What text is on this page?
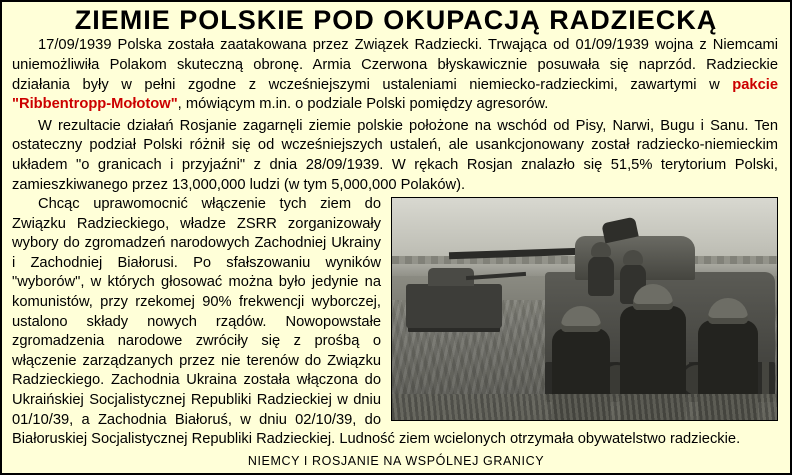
ZIEMIE POLSKIE POD OKUPACJĄ RADZIECKĄ

17/09/1939 Polska została zaatakowana przez Związek Radziecki. Trwająca od 01/09/1939 wojna z Niemcami uniemożliwiła Polakom skuteczną obronę. Armia Czerwona błyskawicznie posuwała się naprzód. Radzieckie działania były w pełni zgodne z wcześniejszymi ustaleniami niemiecko-radzieckimi, zawartymi w pakcie "Ribbentropp-Mołotow", mówiącym m.in. o podziale Polski pomiędzy agresorów.

W rezultacie działań Rosjanie zagarnęli ziemie polskie położone na wschód od Pisy, Narwi, Bugu i Sanu. Ten ostateczny podział Polski różnił się od wcześniejszych ustaleń, ale usankcjonowany został radziecko-niemieckim układem "o granicach i przyjaźni" z dnia 28/09/1939. W rękach Rosjan znalazło się 51,5% terytorium Polski, zamieszkiwanego przez 13,000,000 ludzi (w tym 5,000,000 Polaków).

Chcąc uprawomocnić włączenie tych ziem do Związku Radzieckiego, władze ZSRR zorganizowały wybory do zgromadzeń narodowych Zachodniej Ukrainy i Zachodniej Białorusi. Po sfałszowaniu wyników "wyborów", w których głosować można było jedynie na komunistów, przy rzekomej 90% frekwencji wyborczej, ustalono składy nowych rządów. Nowopowstałe zgromadzenia narodowe zwróciły się z prośbą o włączenie zarządzanych przez nie terenów do Związku Radzieckiego. Zachodnia Ukraina została włączona do Ukraińskiej Socjalistycznej Republiki Radzieckiej w dniu 01/10/39, a Zachodnia Białoruś, w dniu 02/10/39, do Białoruskiej Socjalistycznej Republiki Radzieckiej. Ludność ziem wcielonych otrzymała obywatelstwo radzieckie.

NIEMCY I ROSJANIE NA WSPÓLNEJ GRANICY
